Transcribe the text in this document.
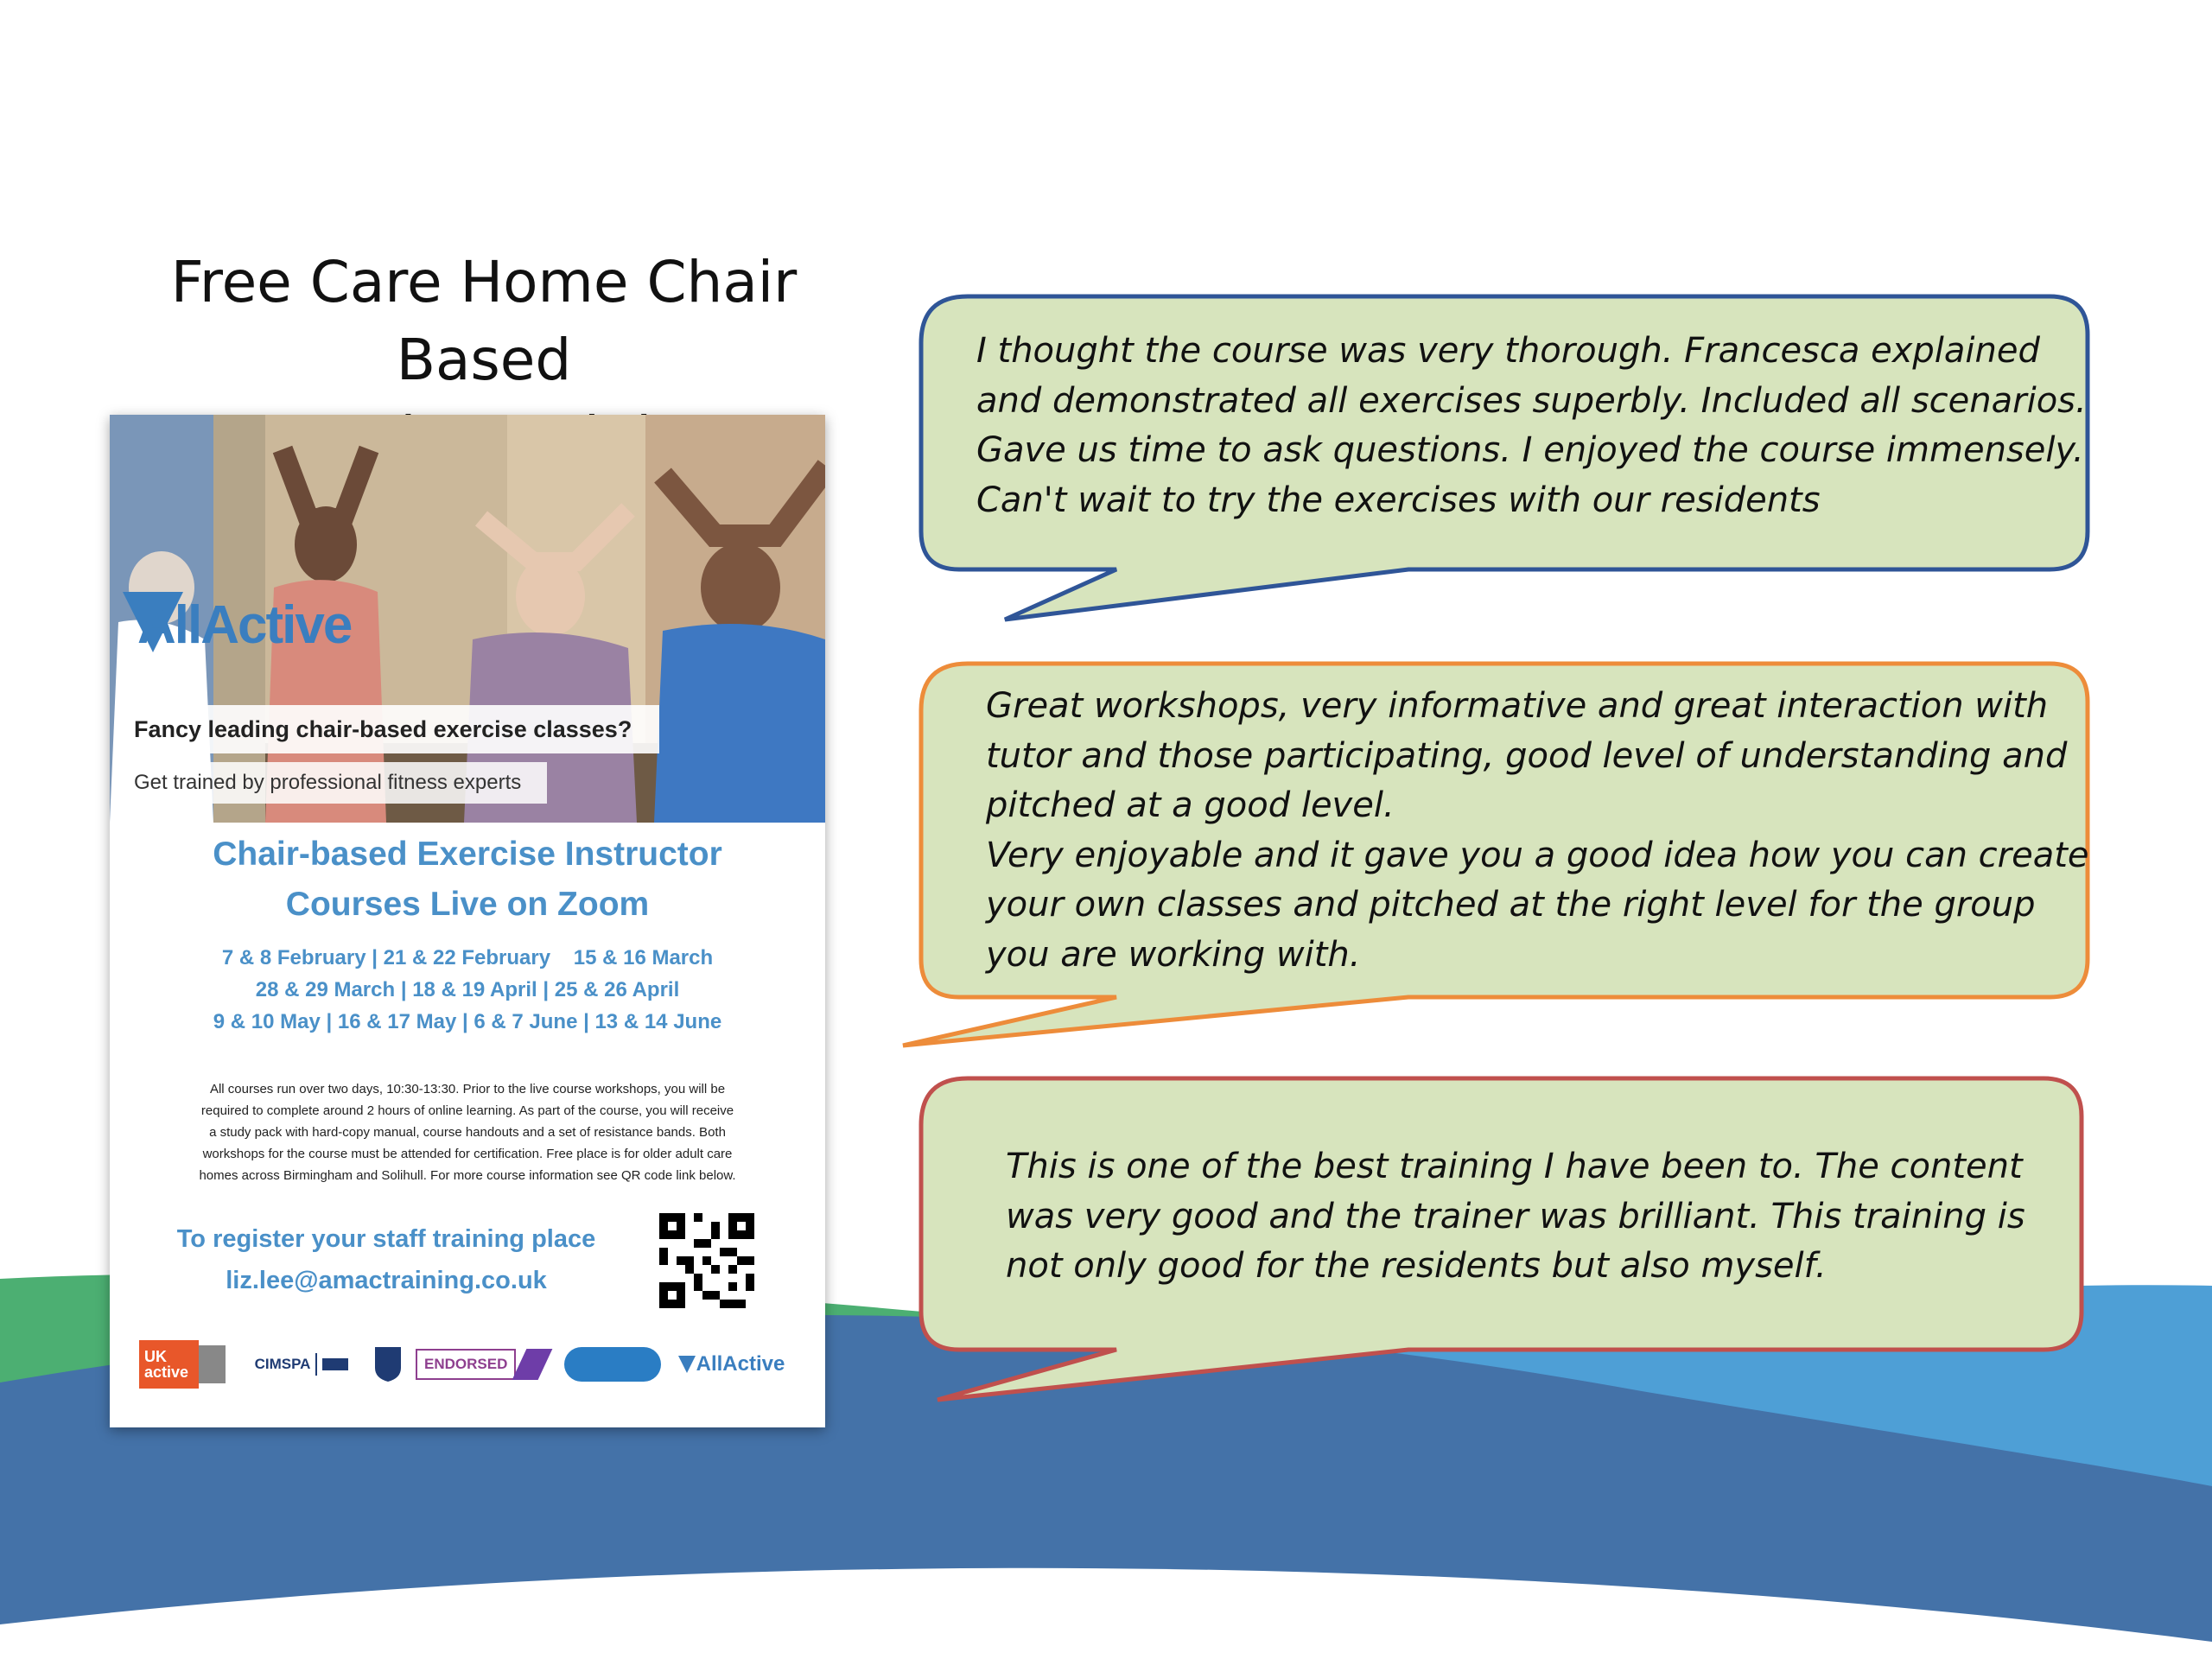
Free Care Home Chair Based
AllActive
Fancy leading chair-based exercise classes?
Get trained by professional fitness experts
Chair-based Exercise Instructor
Courses Live on Zoom
7 & 8 February | 21 & 22 February    15 & 16 March
28 & 29 March | 18 & 19 April | 25 & 26 April
9 & 10 May | 16 & 17 May | 6 & 7 June | 13 & 14 June
All courses run over two days, 10:30-13:30. Prior to the live course workshops, you will be
required to complete around 2 hours of online learning. As part of the course, you will receive
a study pack with hard-copy manual, course handouts and a set of resistance bands. Both
workshops for the course must be attended for certification. Free place is for older adult care
homes across Birmingham and Solihull. For more course information see QR code link below.
To register your staff training place
liz.lee@amactraining.co.uk
UK active	CIMSPA	ENDORSED	AllActive
I thought the course was very thorough. Francesca explained
and demonstrated all exercises superbly. Included all scenarios.
Gave us time to ask questions. I enjoyed the course immensely.
Can't wait to try the exercises with our residents
Great workshops, very informative and great interaction with
tutor and those participating, good level of understanding and
pitched at a good level.
Very enjoyable and it gave you a good idea how you can create
your own classes and pitched at the right level for the group
you are working with.
This is one of the best training I have been to. The content
was very good and the trainer was brilliant. This training is
not only good for the residents but also myself.
